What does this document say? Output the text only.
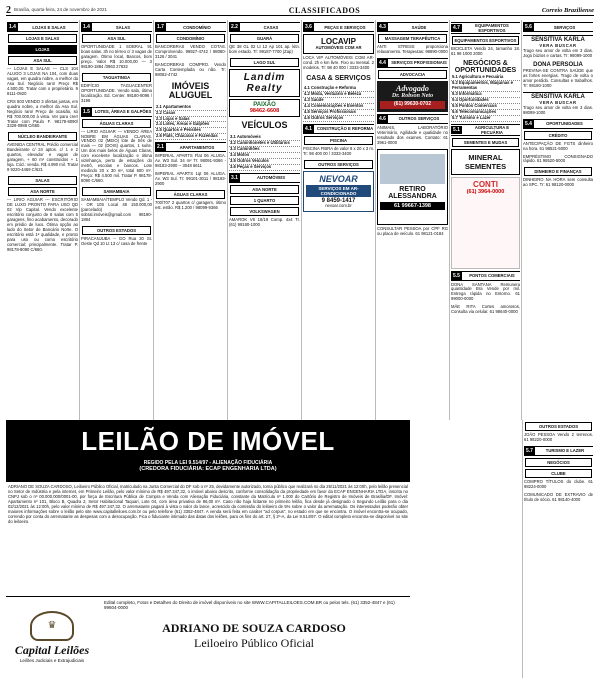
2 Brasília, quarta-feira, 24 de novembro de 2021	CLASSIFICADOS	Correio Braziliense
1.4	LOJAS E SALAS
LOJAS E SALAS
LOJAS
ASA SUL
--- LOJAS E SALAS --- CLS 104 ALUGO 3 LOJAS NA 104, com duas vagas, em quadra nobre, a melhor da Asa Sul. Negócio raro! Preço R$ 4.500,00. Tratar com o proprietário. 9 8111-0920
CRS 503 VENDO 3 ofertas juntas, em quadra nobre, a melhor da Asa Sul. Negócio raro! Preço de ocasião, só R$ 700.000,00 à vista. Ver para crer! Tratar com Paulo F. 98178-8090/ 3328-0988 C/660.
NÚCLEO BANDEIRANTE
AVENIDA CENTRAL Prédio comercial Bandeirante c/ 24 aptos. c/ 1 e 2 quartos, elevador e vagas de garagem, + 60 m² construídos + 1 loja. Cód.: venda. R$ 4.990 mil. Tratar 9 9220-4469 C/621
SALAS
ASA NORTE
--- LIRIO AGUIAR --- ESCRITÓRIO DE LUXO PRONTO PARA USO QD 02 Vip Capital. Vendo excelente escritório conjunto de 6 salas com 5 garagens, fino acabamento, decorado em prédio de luxo. Ótima opção ao lado do Setor de Bancário Norte. O escritório está 1ª qualidade, e pronto para uso ou como escritório comercial; principalmente. Tratar P. 98178-8090 C/660.
1.4	SALAS
ASA SUL
OPORTUNIDADE 1 SOBRAL 91 boas salas. 3h no térreo c/ 3 vagas de garagem. Ótimo local, Bancos, bom preço. Valor R$ 10.000,00 — 3 98190-1884 /3963 27632
TAGUATINGA
EDIFÍCIO TAGUACENTER OPORTUNIDADE. Vendo sala, ótima localização. Ed. Center. 98180-8096 / 3198
1.5	LOTES, ÁREAS E GALPÕES
ÁGUAS CLARAS
--- LIRIO AGUIAR --- VENDO ÁREA NOBRE EM ÁGUAS CLARAS. VENDO 02 (MEIO) lote de três de mais — 02 (DOIS) quartos, 1 suíte. Um dos mais belos de Águas Claras, com excelente localização e ótima vizinhança, perto de estações do metrô, escolas e bancos. Lote medindo 20 x 30 m², total 600 m². Preço: R$ 4.500 mil. Tratar P. 98178-8090 C/660.
SAMAMBAIA
SAMAMBAIA/TEMPLO Vendo Qd. 1 -- OR 10S Local 48 150.000,00 (parcelado) sobral.imóveis@gmail.com 98190-1884
OUTROS ESTADOS
PIRACANJUBA -- GO Rua 20 St. Oeste Qd 10 Lt 13 c/ casa de frente
1.7	CONDOMÍNIO
CONDOMÍNIO
BANCORBRAS VENDO COTAS. Compro/vendo. 99927-4742 / 98080-3126 / 3041
BANCORBRAS COMPRO. Vendo Carta Contemplada ou não. Tr: 98082-4742
IMÓVEIS ALUGUEL
2.1 Apartamentos
2.2 Casas
2.3 Lojas e Salas
2.4 Lotes, Áreas e Galpões
2.5 Quartos e Pensões
2.6 Flats, Chácaras e Fazendas
2.1	APARTAMENTOS
IMPERIAL APARTS Flat 06 ALUGA. Av. W3 Sul. 34 m² Tr: 98091-9366 - 98183-2900 -- 3048 6611
IMPERIAL APARTS 1qt 06 ALUGA. Av. W3 Sul. Tr: 99101-3011 / 98183-2900
ÁGUAS CLARAS
700/707 2 quartos c/ garagem, ótimo est. estilo. R$ 1.200 / 98099-9366
2.2	CASAS
GUARÁ
QE 38 GL 02 Lt 12 Ap 101 ap. kitn. bom estado. Tr: 99187-7700 (Zap)
LAGO SUL
Landim Realty
PAIXÃO
98462-6608
VEÍCULOS
3.1 Automóveis
3.2 Caminhonetes e Utilitários
3.3 Caminhões
3.4 Motos
3.5 Outros Veículos
3.6 Peças e Serviços
3.1	AUTOMÓVEIS
ASA NORTE
1 QUARTO
VOLKSWAGEN
AMAROK V6 18/19 Comp. 4x4 Tr. (61) 99180-1000
3.6	PEÇAS E SERVIÇOS
LOCAVIP
AUTOMÓVEIS COM AR
LOCA VIP AUTOMÓVEIS COM AR-cond. 2h e km livre. Fixo ou mensal. 2 modelos. Tr: 98 40 000 / 3333-3400
CASA & SERVIÇOS
4.1 Construção e Reforma
4.2 Moda, Vestuário e Beleza
4.3 Saúde
4.4 Comemorações e Eventos
4.5 Serviços Profissionais
4.6 Outros Serviços
4.1	CONSTRUÇÃO E REFORMA
PISCINA
PISCINA FIBRA de valor 8 x 20 x 3 m. Tr: 98 400 00 / 3333-3400
OUTROS SERVIÇOS
NEVOAR
SERVIÇOS EM AR-CONDICIONADO
9 8459-1417
nevoar.com.br
4.3	SAÚDE
MASSAGEM TERAPÊUTICA
ANTI STRESS proporciona relaxamento. Terapeutas: 98890-0000
4.4	SERVIÇOS PROFISSIONAIS
ADVOCACIA
Advogado
Dr. Robson Neto
(61) 99630-0702
4.6	OUTROS SERVIÇOS
ANIMAIS, LABORATÓRIO Veterinário, Agilidade e qualidade no resultado dos exames. Contato: 61 3961-0000
RETIRO ALESSANDRA
61 99667-1398
CONSULTAR PESSOA por CPF RG ou placa de veículo. 61 98121-0184
4.7	EQUIPAMENTOS ESPORTIVOS
EQUIPAMENTOS ESPORTIVOS
BICICLETA Vendo 24, tamanho 18. 61 98 1000 2000
NEGÓCIOS & OPORTUNIDADES
5.1 Agricultura e Pecuária
5.2 Equipamentos, Máquinas e Ferramentas
5.3 Informática
5.4 Oportunidades
5.5 Pontos Comerciais
5.6 Telecomunicações
5.7 Turismo e Lazer
5.1	AGRICULTURA E PECUÁRIA
SEMENTES E MUDAS
MINERAL SEMENTES
CONTI
(61) 3964-0000
5.5	PONTOS COMERCIAIS
DONA SANTANA Remunera quantidade Bra Vende por mil. Entrega rápida no Entorno. 61 99000-0000
MÃE RITA Cortes amorosos, Consulta via celular. 61 98640-0000
5.6	SERVIÇOS
SENSITIVA KARLA
VERA BUSCAR
Trago seu amor de volta em 3 dias. Jogo búzios e cartas. Tr: 98099-1000
DONA PERSOLIA
PREVINA-SE CONTRA SAÚDE que as fortes energias. Trago de volta o amor perdido. Consultas e trabalhos. Tr: 98180-1000
SENSITIVA KARLA
VERA BUSCAR
Trago seu amor de volta em 3 dias. 98099-1000
5.4	OPORTUNIDADES
CRÉDITO
ANTECIPAÇÃO DE FGTS dinheiro na hora. 61 98521-5000
EMPRÉSTIMO CONSIGNADO rápido. 61 98520-5000
DINHEIRO E FINANÇAS
DINHEIRO NA HORA sem consulta ao SPC. Tr: 61 98120-0000
LEILÃO DE IMÓVEL
REGIDO PELA LEI 9.514/97 - ALIENAÇÃO FIDUCIÁRIA
(CREDORA FIDUCIÁRIA: ECAP ENGENHARIA LTDA)
ADRIANO DE SOUZA CARDOSO, Leiloeiro Público Oficial, matriculado na Junta Comercial do DF sob o nº 25, devidamente autorizado, torna público que realizará no dia 25/11/2021 às 12:00h, pelo leilão presencial no Setor de Indústria e pela internet, em Primeiro Leilão, pelo valor mínimo de R$ 497.347,32, o imóvel abaixo descrito, conforme consolidação da propriedade em favor da ECAP ENGENHARIA LTDA, inscrita no CNPJ sob o nº 00.000.000/0001-00, por força de Escritura Pública de Compra e Venda com Alienação Fiduciária, constante da Matrícula nº 1.000 do Cartório de Registro de Imóveis de Brasília/DF. Imóvel: Apartamento nº 101, Bloco B, Quadra 2, Setor Habitacional Taquari, Lote 04, com área privativa de 86,00 m². Caso não haja licitante no primeiro leilão, fica desde já designado o Segundo Leilão para o dia 02/12/2021 às 12:00h, pelo valor mínimo de R$ 497.347,32. O arrematante pagará à vista o valor do lance, acrescido da comissão do leiloeiro de 5% sobre o valor da arrematação. Os interessados poderão obter maiores informações sobre o leilão pelo site www.capitalleiloes.com.br ou pelo telefone (61) 3352-4847. A venda será feita em caráter "ad corpus", no estado em que se encontra. O imóvel encontra-se ocupado, correndo por conta do arrematante as despesas com a desocupação. Fica o fiduciante intimado das datas dos leilões, para os fins do art. 27, § 2º-A, da Lei 9.514/97. O edital completo encontra-se disponível no site do leiloeiro.
♛
Capital Leilões
Leilões Judiciais e Extrajudiciais
Edital completo, Fotos e Detalhes do Direito de imóvel disponíveis no site WWW.CAPITALLEILOES.COM.BR ou pelos tels. (61) 3352-4847 e (61) 99604-0000
ADRIANO DE SOUZA CARDOSO
Leiloeiro Público Oficial
OUTROS ESTADOS
JOÃO PESSOA Vendo 2 terrenos. 61 98220-0000
5.7	TURISMO E LAZER
NEGÓCIOS
CLUBE
COMPRO TÍTULOS do clube. 61 98224-0000
COMUNICADO DE EXTRAVIO de título de sócio. 61 98140-4000
